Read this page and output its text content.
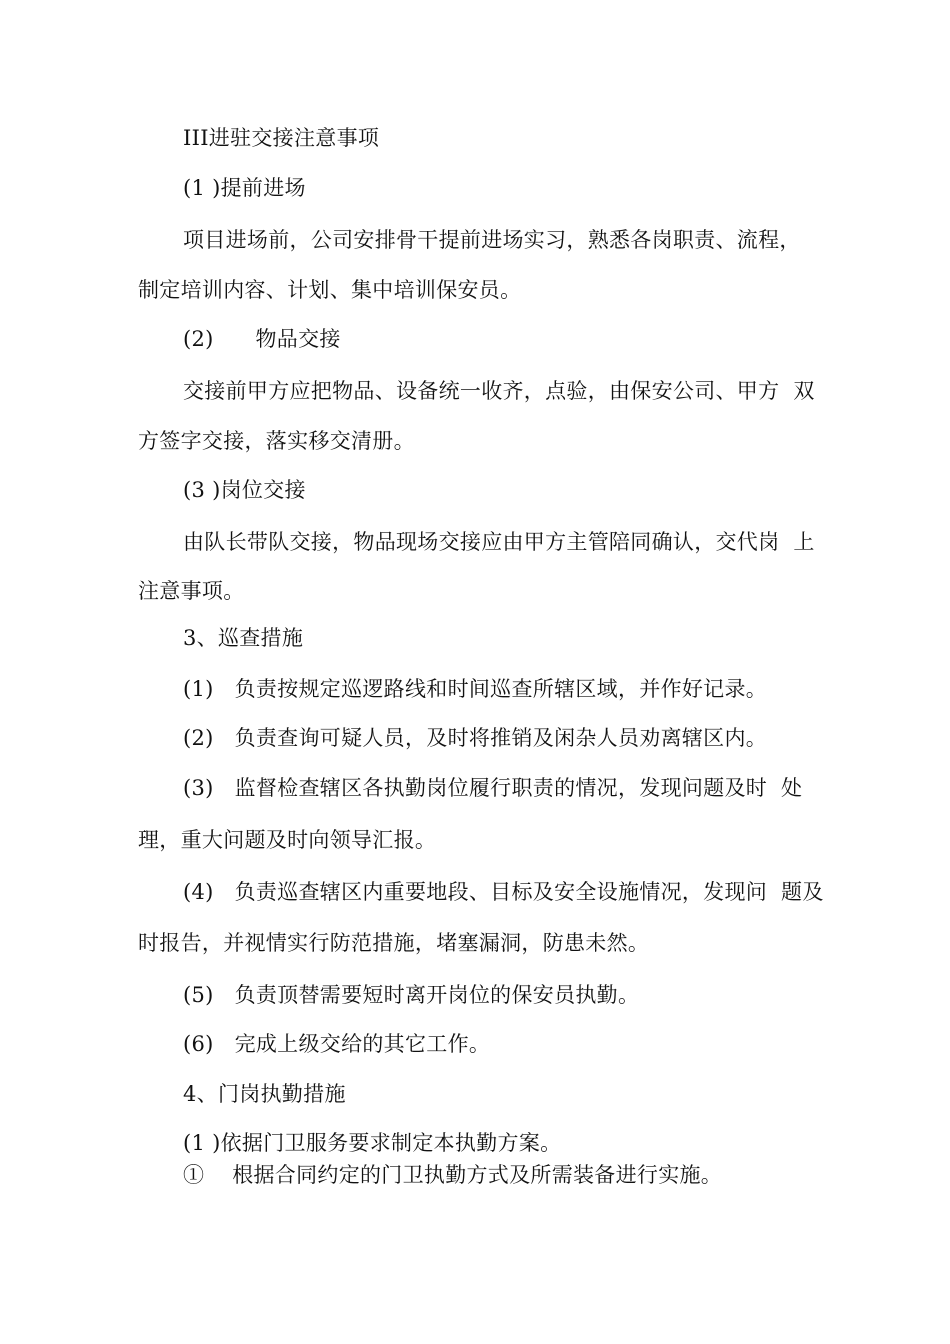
III进驻交接注意事项
(1 )提前进场
项目进场前，公司安排骨干提前进场实习，熟悉各岗职责、流程，
制定培训内容、计划、集中培训保安员。
(2)      物品交接
交接前甲方应把物品、设备统一收齐，点验，由保安公司、甲方  双
方签字交接，落实移交清册。
(3 )岗位交接
由队长带队交接，物品现场交接应由甲方主管陪同确认，交代岗  上
注意事项。
3、巡查措施
(1)   负责按规定巡逻路线和时间巡查所辖区域，并作好记录。
(2)   负责查询可疑人员，及时将推销及闲杂人员劝离辖区内。
(3)   监督检查辖区各执勤岗位履行职责的情况，发现问题及时  处
理，重大问题及时向领导汇报。
(4)   负责巡查辖区内重要地段、目标及安全设施情况，发现问  题及
时报告，并视情实行防范措施，堵塞漏洞，防患未然。
(5)   负责顶替需要短时离开岗位的保安员执勤。
(6)   完成上级交给的其它工作。
4、门岗执勤措施
(1 )依据门卫服务要求制定本执勤方案。
①    根据合同约定的门卫执勤方式及所需装备进行实施。
